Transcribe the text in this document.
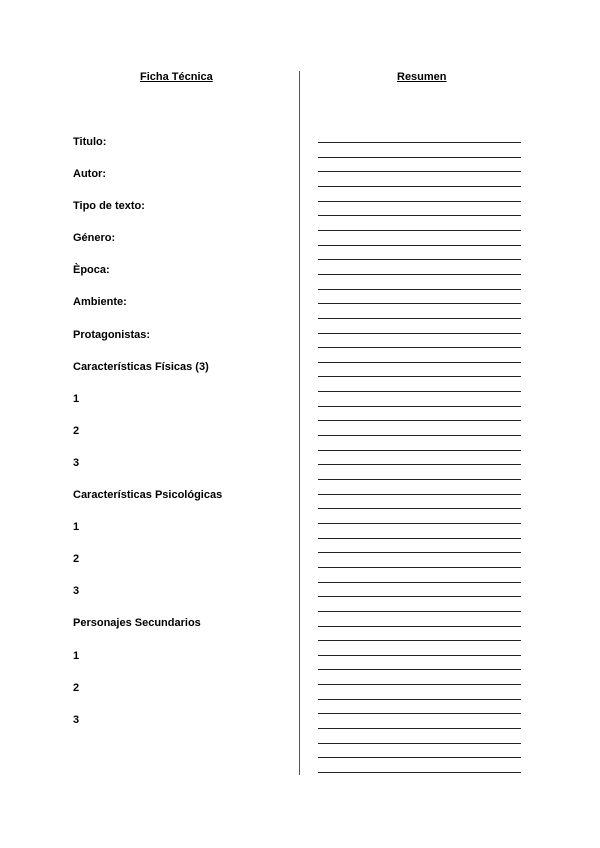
Ficha Técnica	Resumen
Titulo:
Autor:
Tipo de texto:
Género:
Època:
Ambiente:
Protagonistas:
Características Físicas (3)
1
2
3
Características Psicológicas
1
2
3
Personajes Secundarios
1
2
3
